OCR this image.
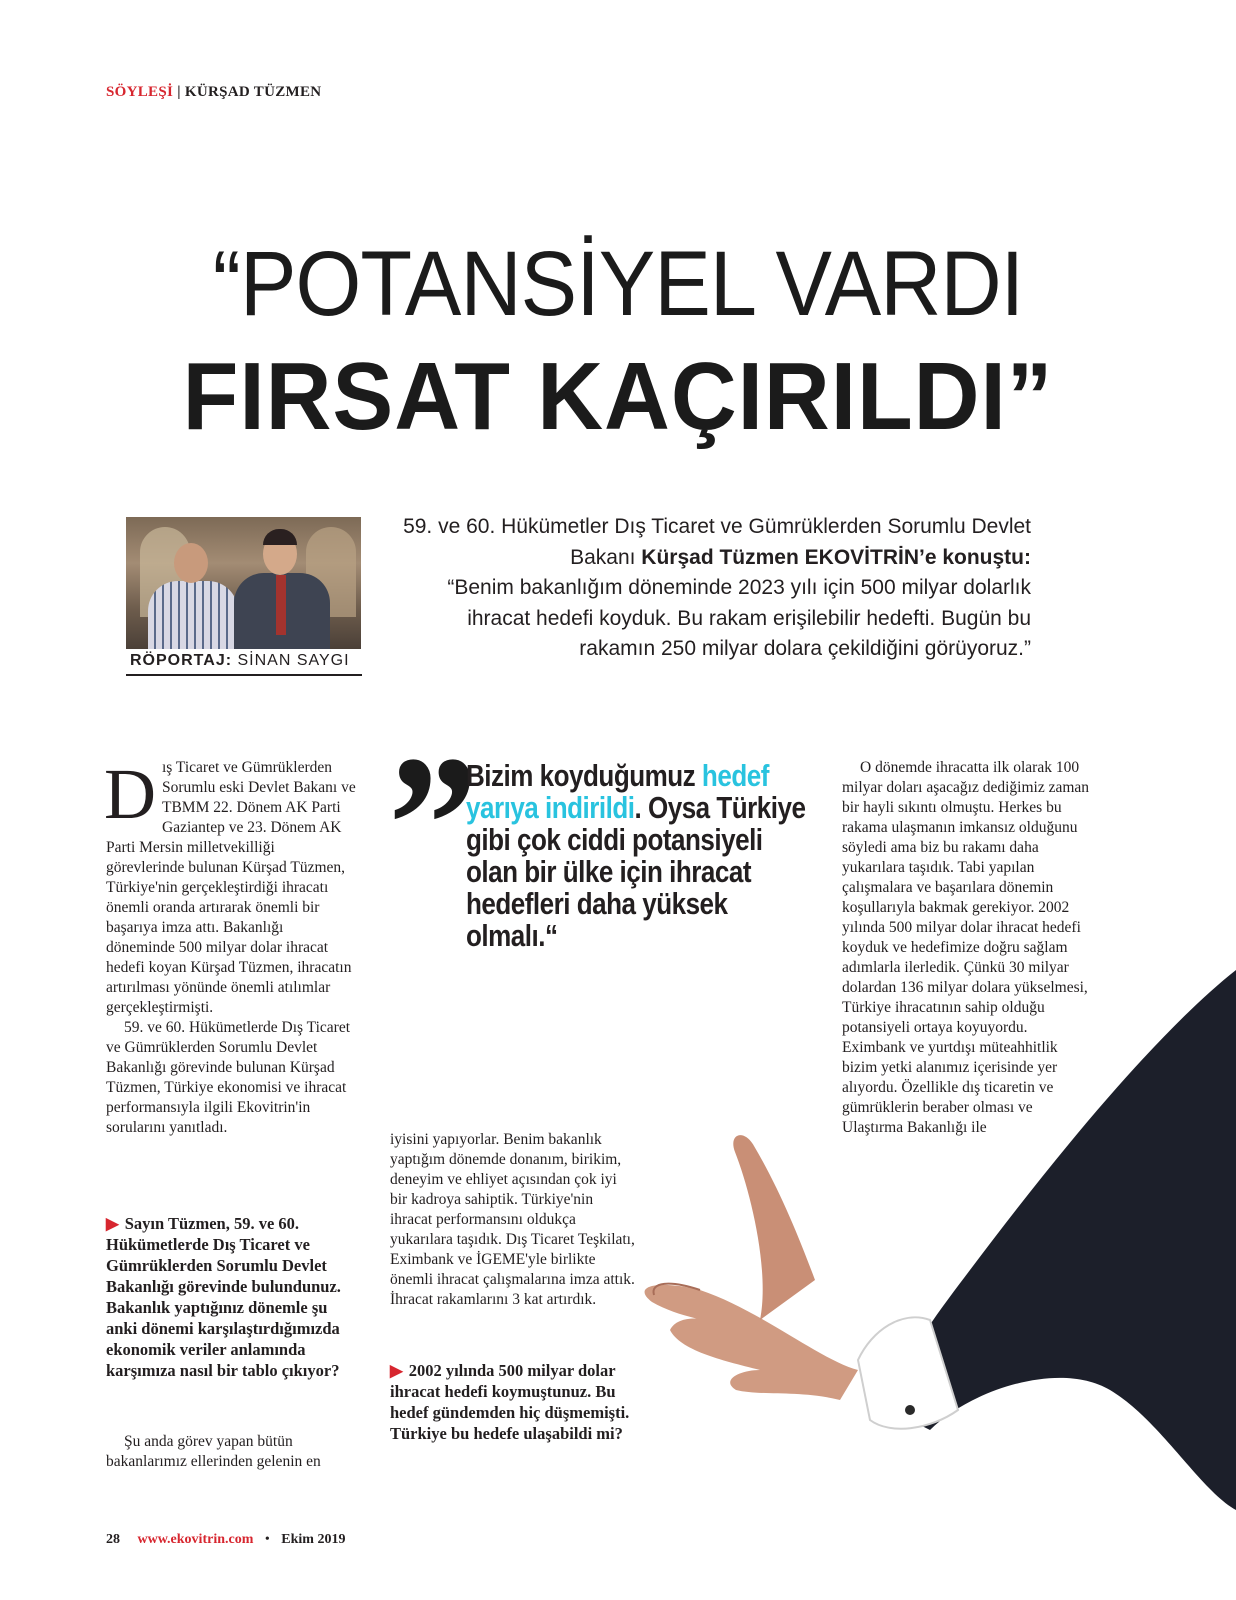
SÖYLEŞİ | KÜRŞAD TÜZMEN
“POTANSİYEL VARDI
FIRSAT KAÇIRILDI”
RÖPORTAJ: SİNAN SAYGI
59. ve 60. Hükümetler Dış Ticaret ve Gümrüklerden Sorumlu Devlet Bakanı Kürşad Tüzmen EKOVİTRİN’e konuştu:
“Benim bakanlığım döneminde 2023 yılı için 500 milyar dolarlık ihracat hedefi koyduk. Bu rakam erişilebilir hedefti. Bugün bu rakamın 250 milyar dolara çekildiğini görüyoruz.”

Dış Ticaret ve Gümrüklerden Sorumlu eski Devlet Bakanı ve TBMM 22. Dönem AK Parti Gaziantep ve 23. Dönem AK Parti Mersin milletvekilliği görevlerinde bulunan Kürşad Tüzmen, Türkiye'nin gerçekleştirdiği ihracatı önemli oranda artırarak önemli bir başarıya imza attı. Bakanlığı döneminde 500 milyar dolar ihracat hedefi koyan Kürşad Tüzmen, ihracatın artırılması yönünde önemli atılımlar gerçekleştirmişti.

59. ve 60. Hükümetlerde Dış Ticaret ve Gümrüklerden Sorumlu Devlet Bakanlığı görevinde bulunan Kürşad Tüzmen, Türkiye ekonomisi ve ihracat performansıyla ilgili Ekovitrin'in sorularını yanıtladı.

▶ Sayın Tüzmen, 59. ve 60. Hükümetlerde Dış Ticaret ve Gümrüklerden Sorumlu Devlet Bakanlığı görevinde bulundunuz. Bakanlık yaptığınız dönemle şu anki dönemi karşılaştırdığımızda ekonomik veriler anlamında karşımıza nasıl bir tablo çıkıyor?

Şu anda görev yapan bütün bakanlarımız ellerinden gelenin en

”
Bizim koyduğumuz hedef yarıya indirildi. Oysa Türkiye gibi çok ciddi potansiyeli olan bir ülke için ihracat hedefleri daha yüksek olmalı.“

iyisini yapıyorlar. Benim bakanlık yaptığım dönemde donanım, birikim, deneyim ve ehliyet açısından çok iyi bir kadroya sahiptik. Türkiye'nin ihracat performansını oldukça yukarılara taşıdık. Dış Ticaret Teşkilatı, Eximbank ve İGEME'yle birlikte önemli ihracat çalışmalarına imza attık. İhracat rakamlarını 3 kat artırdık.

▶ 2002 yılında 500 milyar dolar ihracat hedefi koymuştunuz. Bu hedef gündemden hiç düşmemişti. Türkiye bu hedefe ulaşabildi mi?

O dönemde ihracatta ilk olarak 100 milyar doları aşacağız dediğimiz zaman bir hayli sıkıntı olmuştu. Herkes bu rakama ulaşmanın imkansız olduğunu söyledi ama biz bu rakamı daha yukarılara taşıdık. Tabi yapılan çalışmalara ve başarılara dönemin koşullarıyla bakmak gerekiyor. 2002 yılında 500 milyar dolar ihracat hedefi koyduk ve hedefimize doğru sağlam adımlarla ilerledik. Çünkü 30 milyar dolardan 136 milyar dolara yükselmesi, Türkiye ihracatının sahip olduğu potansiyeli ortaya koyuyordu. Eximbank ve yurtdışı müteahhitlik bizim yetki alanımız içerisinde yer alıyordu. Özellikle dış ticaretin ve gümrüklerin beraber olması ve Ulaştırma Bakanlığı ile

28 www.ekovitrin.com • Ekim 2019
